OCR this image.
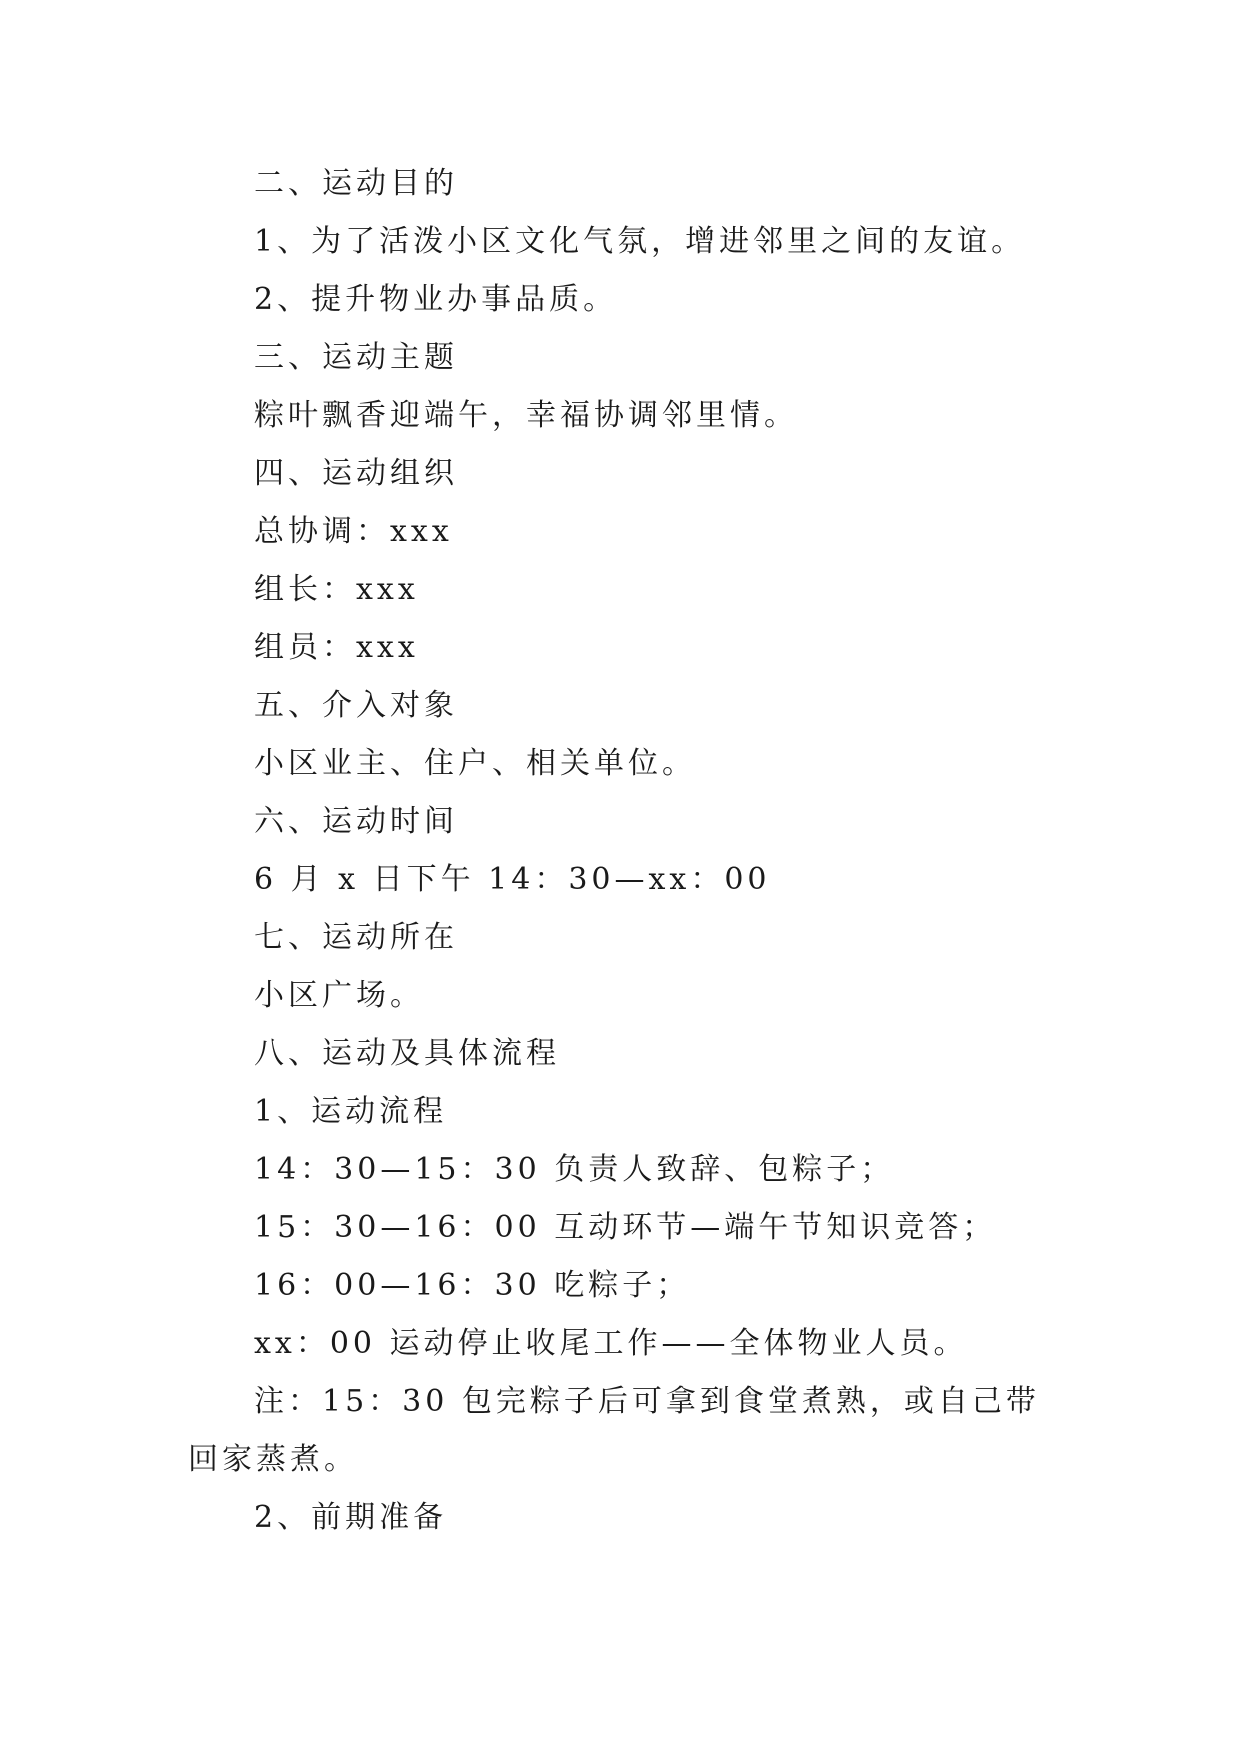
二、运动目的
1、为了活泼小区文化气氛，增进邻里之间的友谊。
2、提升物业办事品质。
三、运动主题
粽叶飘香迎端午，幸福协调邻里情。
四、运动组织
总协调：xxx
组长：xxx
组员：xxx
五、介入对象
小区业主、住户、相关单位。
六、运动时间
6 月 x 日下午 14：30—xx：00
七、运动所在
小区广场。
八、运动及具体流程
1、运动流程
14：30—15：30 负责人致辞、包粽子；
15：30—16：00 互动环节—端午节知识竞答；
16：00—16：30 吃粽子；
xx：00 运动停止收尾工作——全体物业人员。
注：15：30 包完粽子后可拿到食堂煮熟，或自己带回家蒸煮。
2、前期准备
